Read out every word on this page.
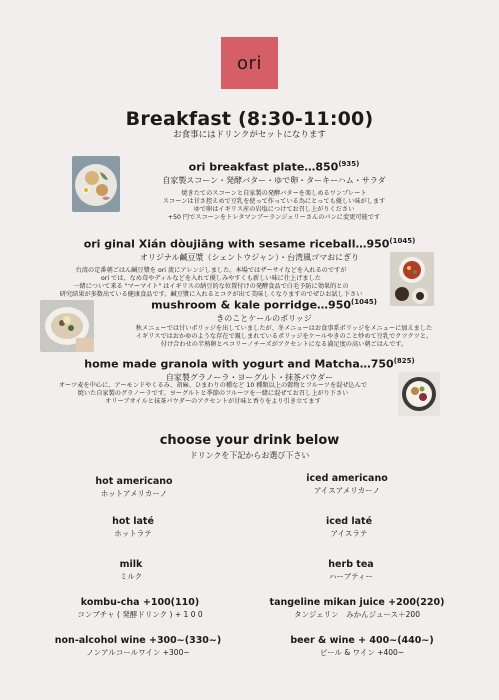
ori
Breakfast (8:30-11:00)
お食事にはドリンクがセットになります
ori breakfast plate…850$^{(935)}$
自家製スコーン・発酵バター・ゆで卵・ターキーハム・サラダ
焼きたてのスコーンと自家製の発酵バターを楽しめるワンプレート
スコーンは甘さ控えめで豆乳を使って作っている為にとっても優しい味がします
ゆで卵はイギリス産の岩塩につけてお召し上がりください
+50 円でスコーンをトレタマンブーランジェリーさんのパンに変更可能です
ori ginal Xián dòujiāng with sesame $riceball\dots 950^{(1045)}$
オリジナル鹹豆漿（シェントウジャン）・台湾風ゴマおにぎり
台湾の定番朝ごはん鹹豆漿を ori 流にアレンジしました。本場ではザーサイなどを入れるのですが
ori では、なめ茸やディルなどを入れて優しみやすくも新しい味に仕上げました
一緒について来る "マーマイト" はイギリスの納豆的な位置付けの発酵食品で白毛予防に効果的との
研究結果が多数出ている健康食品です。鹹豆漿に入れるとコクが出て美味しくなりますのでぜひお試し下さい
mushroom & kale $porridge\dots 950^{(1045)}$
きのことケールのポリッジ
秋メニューでは甘いポリッジを出していましたが、冬メニューはお食事系ポリッジをメニューに加えました
イギリスではおかゆのような存在で親しまれているポリッジをケールやきのこと炒めて豆乳でクツクツと。
付け合わせの半熟卵とペコリーノチーズがアクセントになる満足度の高い朝ごはんです。
home made granola with yogurt and Matcha…750$^{(825)}$
自家製グラノーラ・ヨーグルト・抹茶パウダー
オーツ麦を中心に、アーモンドやくるみ、胡麻、ひまわりの種など 10 種類以上の穀物とフルーツを混ぜ込んで
焼いた自家製のグラノーラです。ヨーグルトと季節のフルーツを一緒に混ぜてお召し上がり下さい
オリーブオイルと抹茶パウダーのアクセントが甘味と香りをより引き立てます
choose your drink below
ドリンクを下記からお選び下さい
hot americano
ホットアメリカーノ
iced americano
アイスアメリカーノ
hot laté
ホットラテ
iced laté
アイスラテ
milk
ミルク
herb tea
ハーブティー
kombu-cha +100(110)
コンブチャ ( 発酵ドリンク ) + 1 0 0
tangeline mikan juice +200(220)
タンジェリン　みかんジュース＋200
non-alcohol wine +300~(330~)
ノンアルコールワイン +300~
beer & wine + 400~(440~)
ビール & ワイン +400~
